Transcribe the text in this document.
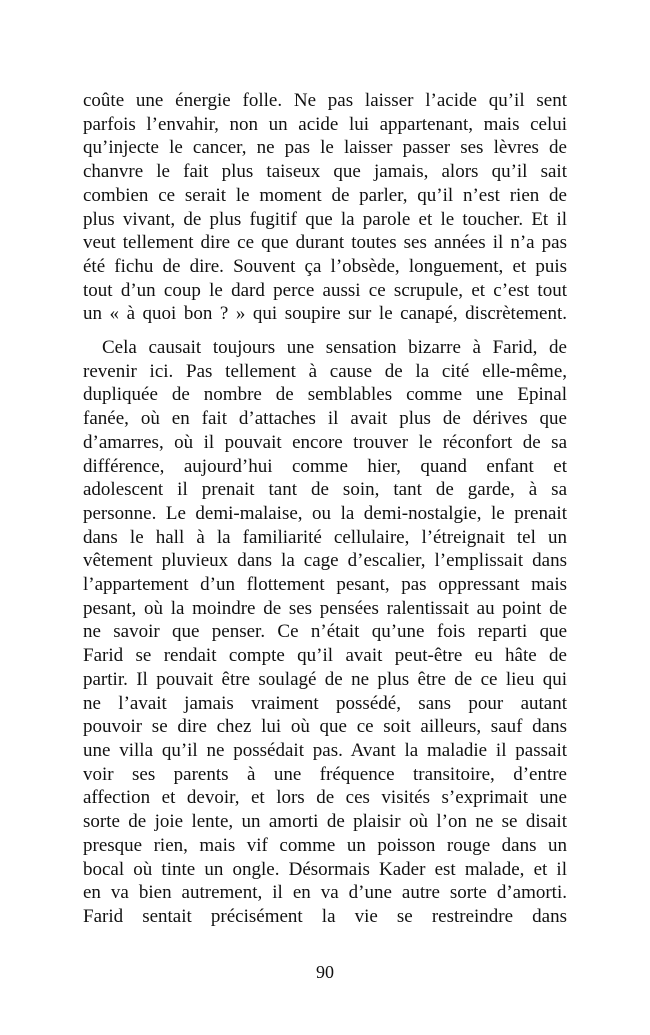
coûte une énergie folle. Ne pas laisser l’acide qu’il sent
parfois l’envahir, non un acide lui appartenant, mais celui
qu’injecte le cancer, ne pas le laisser passer ses lèvres de
chanvre le fait plus taiseux que jamais, alors qu’il sait
combien ce serait le moment de parler, qu’il n’est rien de
plus vivant, de plus fugitif que la parole et le toucher. Et il
veut tellement dire ce que durant toutes ses années il n’a pas
été fichu de dire. Souvent ça l’obsède, longuement, et puis
tout d’un coup le dard perce aussi ce scrupule, et c’est tout
un « à quoi bon ? » qui soupire sur le canapé, discrètement.

Cela causait toujours une sensation bizarre à Farid, de
revenir ici. Pas tellement à cause de la cité elle-même,
dupliquée de nombre de semblables comme une Epinal
fanée, où en fait d’attaches il avait plus de dérives que
d’amarres, où il pouvait encore trouver le réconfort de sa
différence, aujourd’hui comme hier, quand enfant et
adolescent il prenait tant de soin, tant de garde, à sa
personne. Le demi-malaise, ou la demi-nostalgie, le prenait
dans le hall à la familiarité cellulaire, l’étreignait tel un
vêtement pluvieux dans la cage d’escalier, l’emplissait dans
l’appartement d’un flottement pesant, pas oppressant mais
pesant, où la moindre de ses pensées ralentissait au point de
ne savoir que penser. Ce n’était qu’une fois reparti que
Farid se rendait compte qu’il avait peut-être eu hâte de
partir. Il pouvait être soulagé de ne plus être de ce lieu qui
ne l’avait jamais vraiment possédé, sans pour autant
pouvoir se dire chez lui où que ce soit ailleurs, sauf dans
une villa qu’il ne possédait pas. Avant la maladie il passait
voir ses parents à une fréquence transitoire, d’entre
affection et devoir, et lors de ces visités s’exprimait une
sorte de joie lente, un amorti de plaisir où l’on ne se disait
presque rien, mais vif comme un poisson rouge dans un
bocal où tinte un ongle. Désormais Kader est malade, et il
en va bien autrement, il en va d’une autre sorte d’amorti.
Farid sentait précisément la vie se restreindre dans

90
